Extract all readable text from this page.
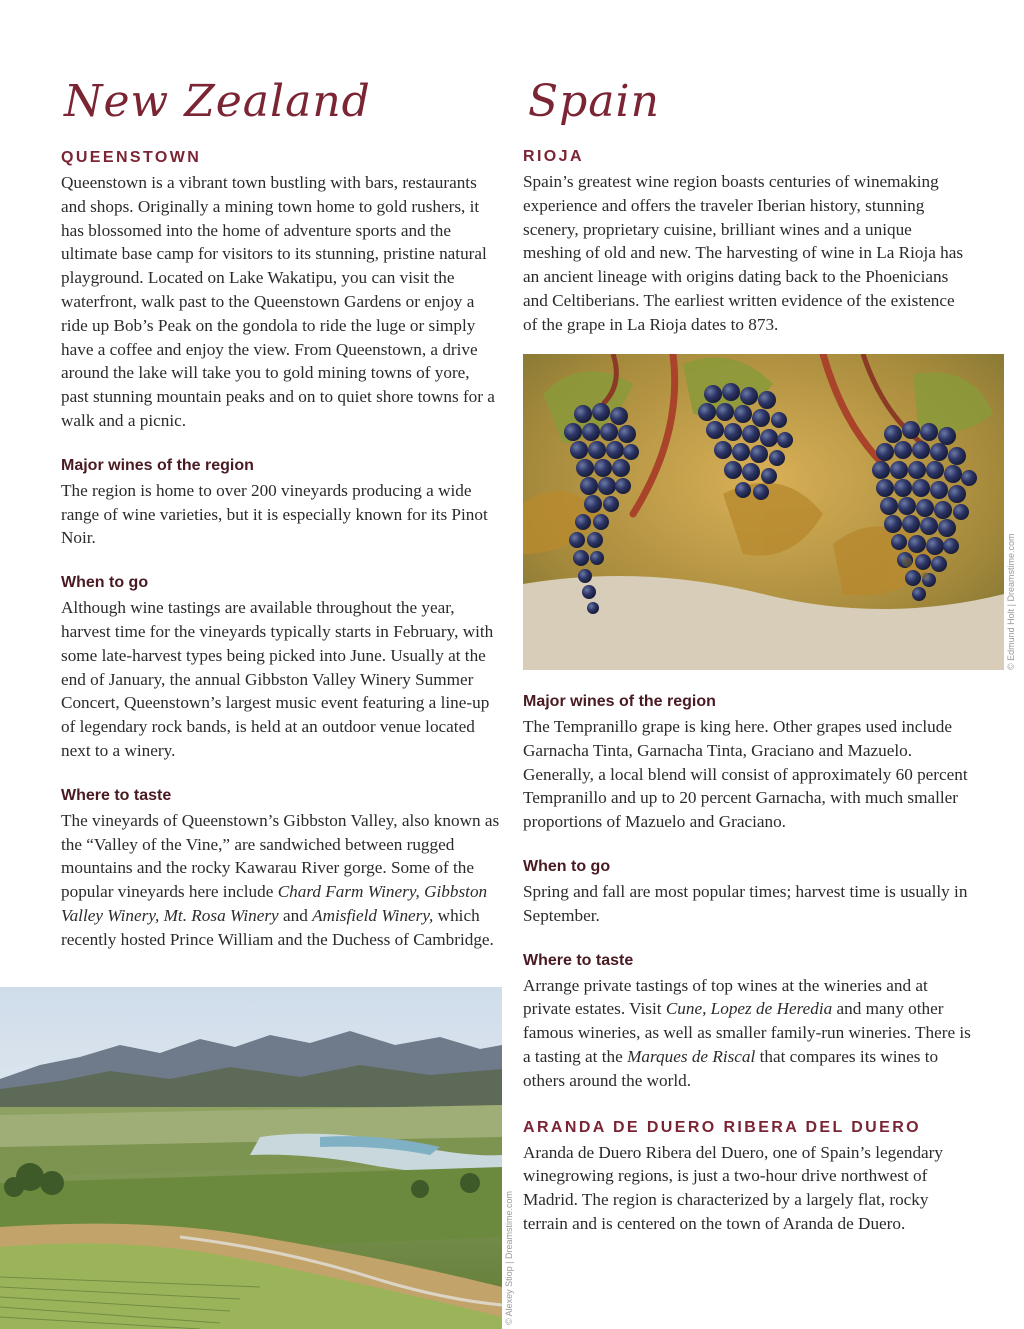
New Zealand
QUEENSTOWN

Queenstown is a vibrant town bustling with bars, restaurants and shops. Originally a mining town home to gold rushers, it has blossomed into the home of adventure sports and the ultimate base camp for visitors to its stunning, pristine natural playground. Located on Lake Wakatipu, you can visit the waterfront, walk past to the Queenstown Gardens or enjoy a ride up Bob’s Peak on the gondola to ride the luge or simply have a coffee and enjoy the view. From Queenstown, a drive around the lake will take you to gold mining towns of yore, past stunning mountain peaks and on to quiet shore towns for a walk and a picnic.

Major wines of the region

The region is home to over 200 vineyards producing a wide range of wine varieties, but it is especially known for its Pinot Noir.

When to go

Although wine tastings are available throughout the year, harvest time for the vineyards typically starts in February, with some late-harvest types being picked into June. Usually at the end of January, the annual Gibbston Valley Winery Summer Concert, Queenstown’s largest music event featuring a line-up of legendary rock bands, is held at an outdoor venue located next to a winery.

Where to taste

The vineyards of Queenstown’s Gibbston Valley, also known as the “Valley of the Vine,” are sandwiched between rugged mountains and the rocky Kawarau River gorge. Some of the popular vineyards here include Chard Farm Winery, Gibbston Valley Winery, Mt. Rosa Winery and Amisfield Winery, which recently hosted Prince William and the Duchess of Cambridge.

© Alexey Stiop | Dreamstime.com
Spain
RIOJA

Spain’s greatest wine region boasts centuries of winemaking experience and offers the traveler Iberian history, stunning scenery, proprietary cuisine, brilliant wines and a unique meshing of old and new. The harvesting of wine in La Rioja has an ancient lineage with origins dating back to the Phoenicians and Celtiberians. The earliest written evidence of the existence of the grape in La Rioja dates to 873.

© Edmund Holt | Dreamstime.com
Major wines of the region

The Tempranillo grape is king here. Other grapes used include Garnacha Tinta, Garnacha Tinta, Graciano and Mazuelo. Generally, a local blend will consist of approximately 60 percent Tempranillo and up to 20 percent Garnacha, with much smaller proportions of Mazuelo and Graciano.

When to go

Spring and fall are most popular times; harvest time is usually in September.

Where to taste

Arrange private tastings of top wines at the wineries and at private estates. Visit Cune, Lopez de Heredia and many other famous wineries, as well as smaller family-run wineries. There is a tasting at the Marques de Riscal that compares its wines to others around the world.

ARANDA DE DUERO RIBERA DEL DUERO

Aranda de Duero Ribera del Duero, one of Spain’s legendary winegrowing regions, is just a two-hour drive northwest of Madrid. The region is characterized by a largely flat, rocky terrain and is centered on the town of Aranda de Duero.
